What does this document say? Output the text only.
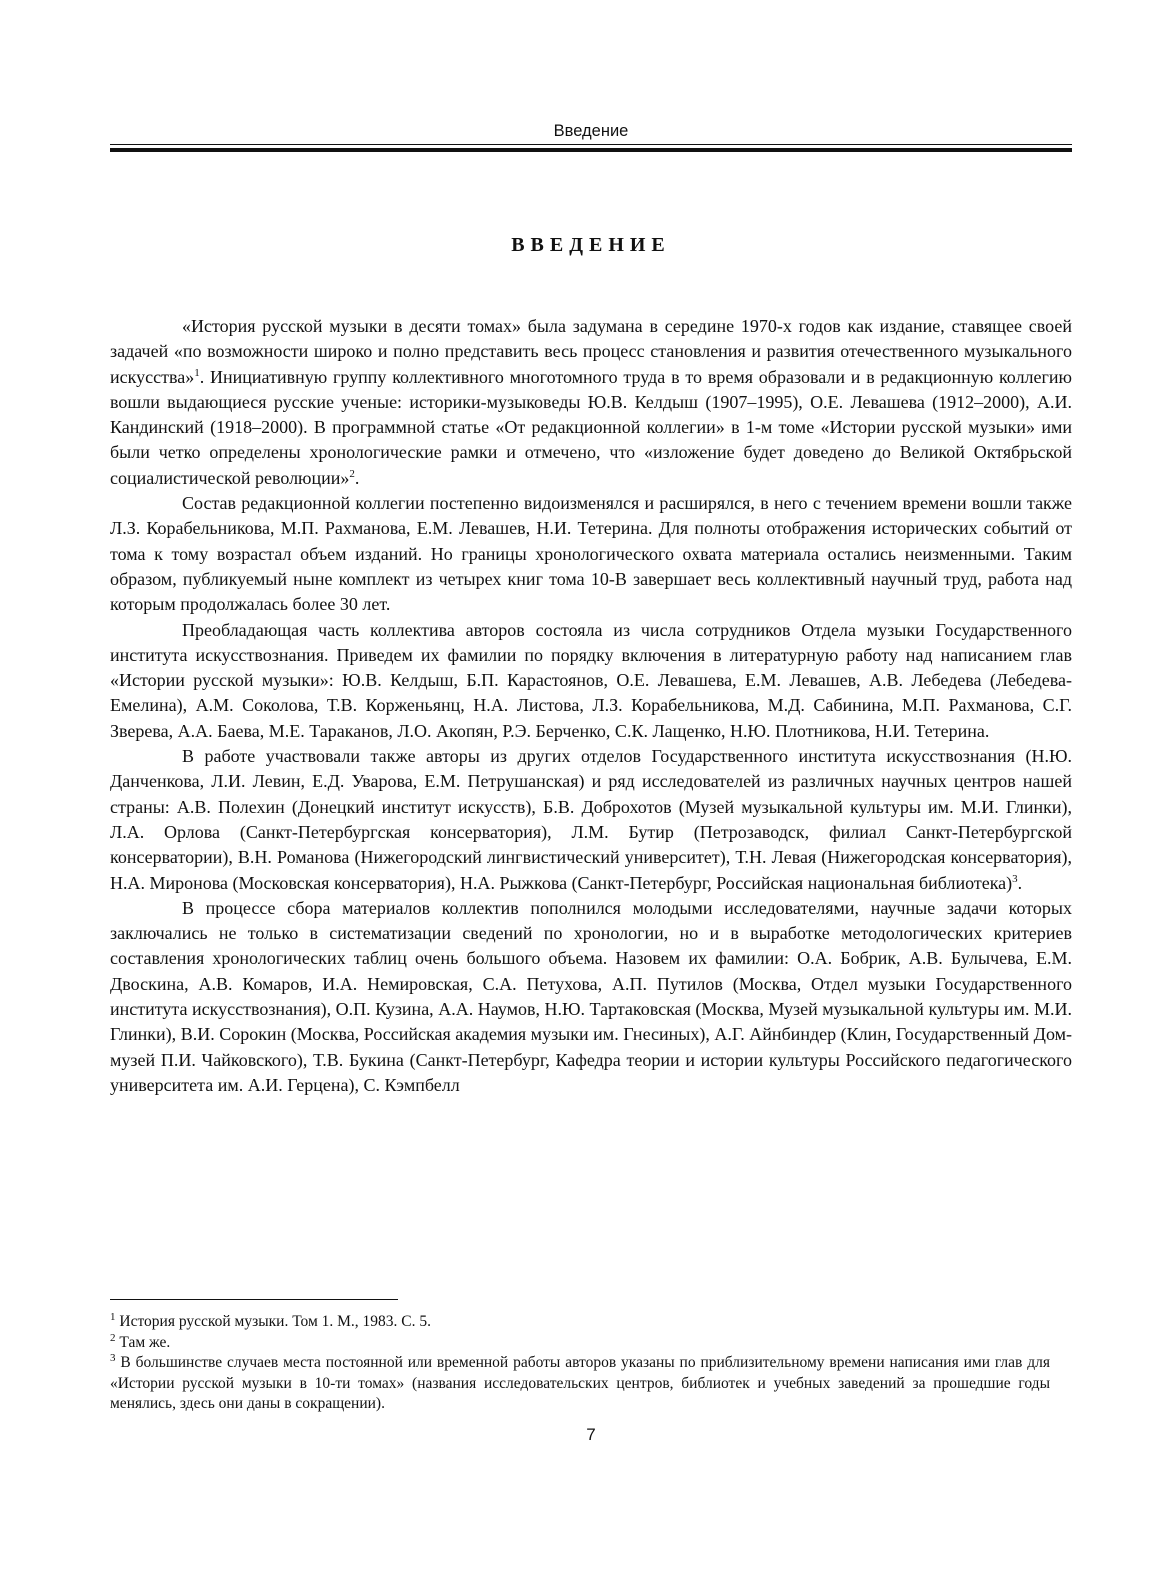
Введение
ВВЕДЕНИЕ

«История русской музыки в десяти томах» была задумана в середине 1970-х годов как издание, ставящее своей задачей «по возможности широко и полно представить весь процесс становления и развития отечественного музыкального искусства»$^1$. Инициативную группу коллективного многотомного труда в то время образовали и в редакционную коллегию вошли выдающиеся русские ученые: историки-музыковеды Ю.В. Келдыш (1907–1995), О.Е. Левашева (1912–2000), А.И. Кандинский (1918–2000). В программной статье «От редакционной коллегии» в 1-м томе «Истории русской музыки» ими были четко определены хронологические рамки и отмечено, что «изложение будет доведено до Великой Октябрьской социалистической революции»$^2$.

Состав редакционной коллегии постепенно видоизменялся и расширялся, в него с течением времени вошли также Л.З. Корабельникова, М.П. Рахманова, Е.М. Левашев, Н.И. Тетерина. Для полноты отображения исторических событий от тома к тому возрастал объем изданий. Но границы хронологического охвата материала остались неизменными. Таким образом, публикуемый ныне комплект из четырех книг тома 10-В завершает весь коллективный научный труд, работа над которым продолжалась более 30 лет.

Преобладающая часть коллектива авторов состояла из числа сотрудников Отдела музыки Государственного института искусствознания. Приведем их фамилии по порядку включения в литературную работу над написанием глав «Истории русской музыки»: Ю.В. Келдыш, Б.П. Карастоянов, О.Е. Левашева, Е.М. Левашев, А.В. Лебедева (Лебедева-Емелина), А.М. Соколова, Т.В. Корженьянц, Н.А. Листова, Л.З. Корабельникова, М.Д. Сабинина, М.П. Рахманова, С.Г. Зверева, А.А. Баева, М.Е. Тараканов, Л.О. Акопян, Р.Э. Берченко, С.К. Лащенко, Н.Ю. Плотникова, Н.И. Тетерина.

В работе участвовали также авторы из других отделов Государственного института искусствознания (Н.Ю. Данченкова, Л.И. Левин, Е.Д. Уварова, Е.М. Петрушанская) и ряд исследователей из различных научных центров нашей страны: А.В. Полехин (Донецкий институт искусств), Б.В. Доброхотов (Музей музыкальной культуры им. М.И. Глинки), Л.А. Орлова (Санкт-Петербургская консерватория), Л.М. Бутир (Петрозаводск, филиал Санкт-Петербургской консерватории), В.Н. Романова (Нижегородский лингвистический университет), Т.Н. Левая (Нижегородская консерватория), Н.А. Миронова (Московская консерватория), Н.А. Рыжкова (Санкт-Петербург, Российская национальная библиотека)$^3$.

В процессе сбора материалов коллектив пополнился молодыми исследователями, научные задачи которых заключались не только в систематизации сведений по хронологии, но и в выработке методологических критериев составления хронологических таблиц очень большого объема. Назовем их фамилии: О.А. Бобрик, А.В. Булычева, Е.М. Двоскина, А.В. Комаров, И.А. Немировская, С.А. Петухова, А.П. Путилов (Москва, Отдел музыки Государственного института искусствознания), О.П. Кузина, А.А. Наумов, Н.Ю. Тартаковская (Москва, Музей музыкальной культуры им. М.И. Глинки), В.И. Сорокин (Москва, Российская академия музыки им. Гнесиных), А.Г. Айнбиндер (Клин, Государственный Дом-музей П.И. Чайковского), Т.В. Букина (Санкт-Петербург, Кафедра теории и истории культуры Российского педагогического университета им. А.И. Герцена), С. Кэмпбелл

$^1$ История русской музыки. Том 1. М., 1983. С. 5.

$^2$ Там же.

$^3$ В большинстве случаев места постоянной или временной работы авторов указаны по приблизительному времени написания ими глав для «Истории русской музыки в 10-ти томах» (названия исследовательских центров, библиотек и учебных заведений за прошедшие годы менялись, здесь они даны в сокращении).

7
